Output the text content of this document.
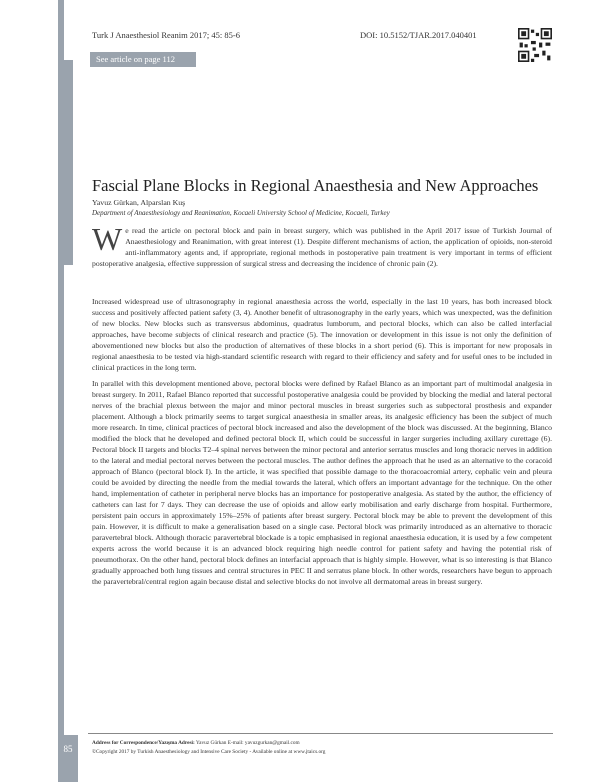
Editorial Comment
85
Turk J Anaesthesiol Reanim 2017; 45: 85-6	DOI: 10.5152/TJAR.2017.040401
See article on page 112
Fascial Plane Blocks in Regional Anaesthesia and New Approaches
Yavuz Gürkan, Alparslan Kuş
Department of Anaesthesiology and Reanimation, Kocaeli University School of Medicine, Kocaeli, Turkey
W e read the article on pectoral block and pain in breast surgery, which was published in the April 2017 issue of Turkish Journal of Anaesthesiology and Reanimation, with great interest (1). Despite different mechanisms of action, the application of opioids, non-steroid anti-inflammatory agents and, if appropriate, regional methods in postoperative pain treatment is very important in terms of efficient postoperative analgesia, effective suppression of surgical stress and decreasing the incidence of chronic pain (2).

Increased widespread use of ultrasonography in regional anaesthesia across the world, especially in the last 10 years, has both increased block success and positively affected patient safety (3, 4). Another benefit of ultrasonography in the early years, which was unexpected, was the definition of new blocks. New blocks such as transversus abdominus, quadratus lumborum, and pectoral blocks, which can also be called interfacial approaches, have become subjects of clinical research and practice (5). The innovation or development in this issue is not only the definition of abovementioned new blocks but also the production of alternatives of these blocks in a short period (6). This is important for new proposals in regional anaesthesia to be tested via high-standard scientific research with regard to their efficiency and safety and for useful ones to be included in clinical practices in the long term.

In parallel with this development mentioned above, pectoral blocks were defined by Rafael Blanco as an important part of multimodal analgesia in breast surgery. In 2011, Rafael Blanco reported that successful postoperative analgesia could be provided by blocking the medial and lateral pectoral nerves of the brachial plexus between the major and minor pectoral muscles in breast surgeries such as subpectoral prosthesis and expander placement. Although a block primarily seems to target surgical anaesthesia in smaller areas, its analgesic efficiency has been the subject of much more research. In time, clinical practices of pectoral block increased and also the development of the block was discussed. At the beginning, Blanco modified the block that he developed and defined pectoral block II, which could be successful in larger surgeries including axillary curettage (6). Pectoral block II targets and blocks T2–4 spinal nerves between the minor pectoral and anterior serratus muscles and long thoracic nerves in addition to the lateral and medial pectoral nerves between the pectoral muscles. The author defines the approach that he used as an alternative to the coracoid approach of Blanco (pectoral block I). In the article, it was specified that possible damage to the thoracoacromial artery, cephalic vein and pleura could be avoided by directing the needle from the medial towards the lateral, which offers an important advantage for the technique. On the other hand, implementation of catheter in peripheral nerve blocks has an importance for postoperative analgesia. As stated by the author, the efficiency of catheters can last for 7 days. They can decrease the use of opioids and allow early mobilisation and early discharge from hospital. Furthermore, persistent pain occurs in approximately 15%–25% of patients after breast surgery. Pectoral block may be able to prevent the development of this pain. However, it is difficult to make a generalisation based on a single case. Pectoral block was primarily introduced as an alternative to thoracic paravertebral block. Although thoracic paravertebral blockade is a topic emphasised in regional anaesthesia education, it is used by a few competent experts across the world because it is an advanced block requiring high needle control for patient safety and having the potential risk of pneumothorax. On the other hand, pectoral block defines an interfacial approach that is highly simple. However, what is so interesting is that Blanco gradually approached both lung tissues and central structures in PEC II and serratus plane block. In other words, researchers have begun to approach the paravertebral/central region again because distal and selective blocks do not involve all dermatomal areas in breast surgery.

Address for Correspondence/Yazışma Adresi: Yavuz Gürkan E-mail: yavuzgurkan@gmail.com
©Copyright 2017 by Turkish Anaesthesiology and Intensive Care Society - Available online at www.jtaics.org
